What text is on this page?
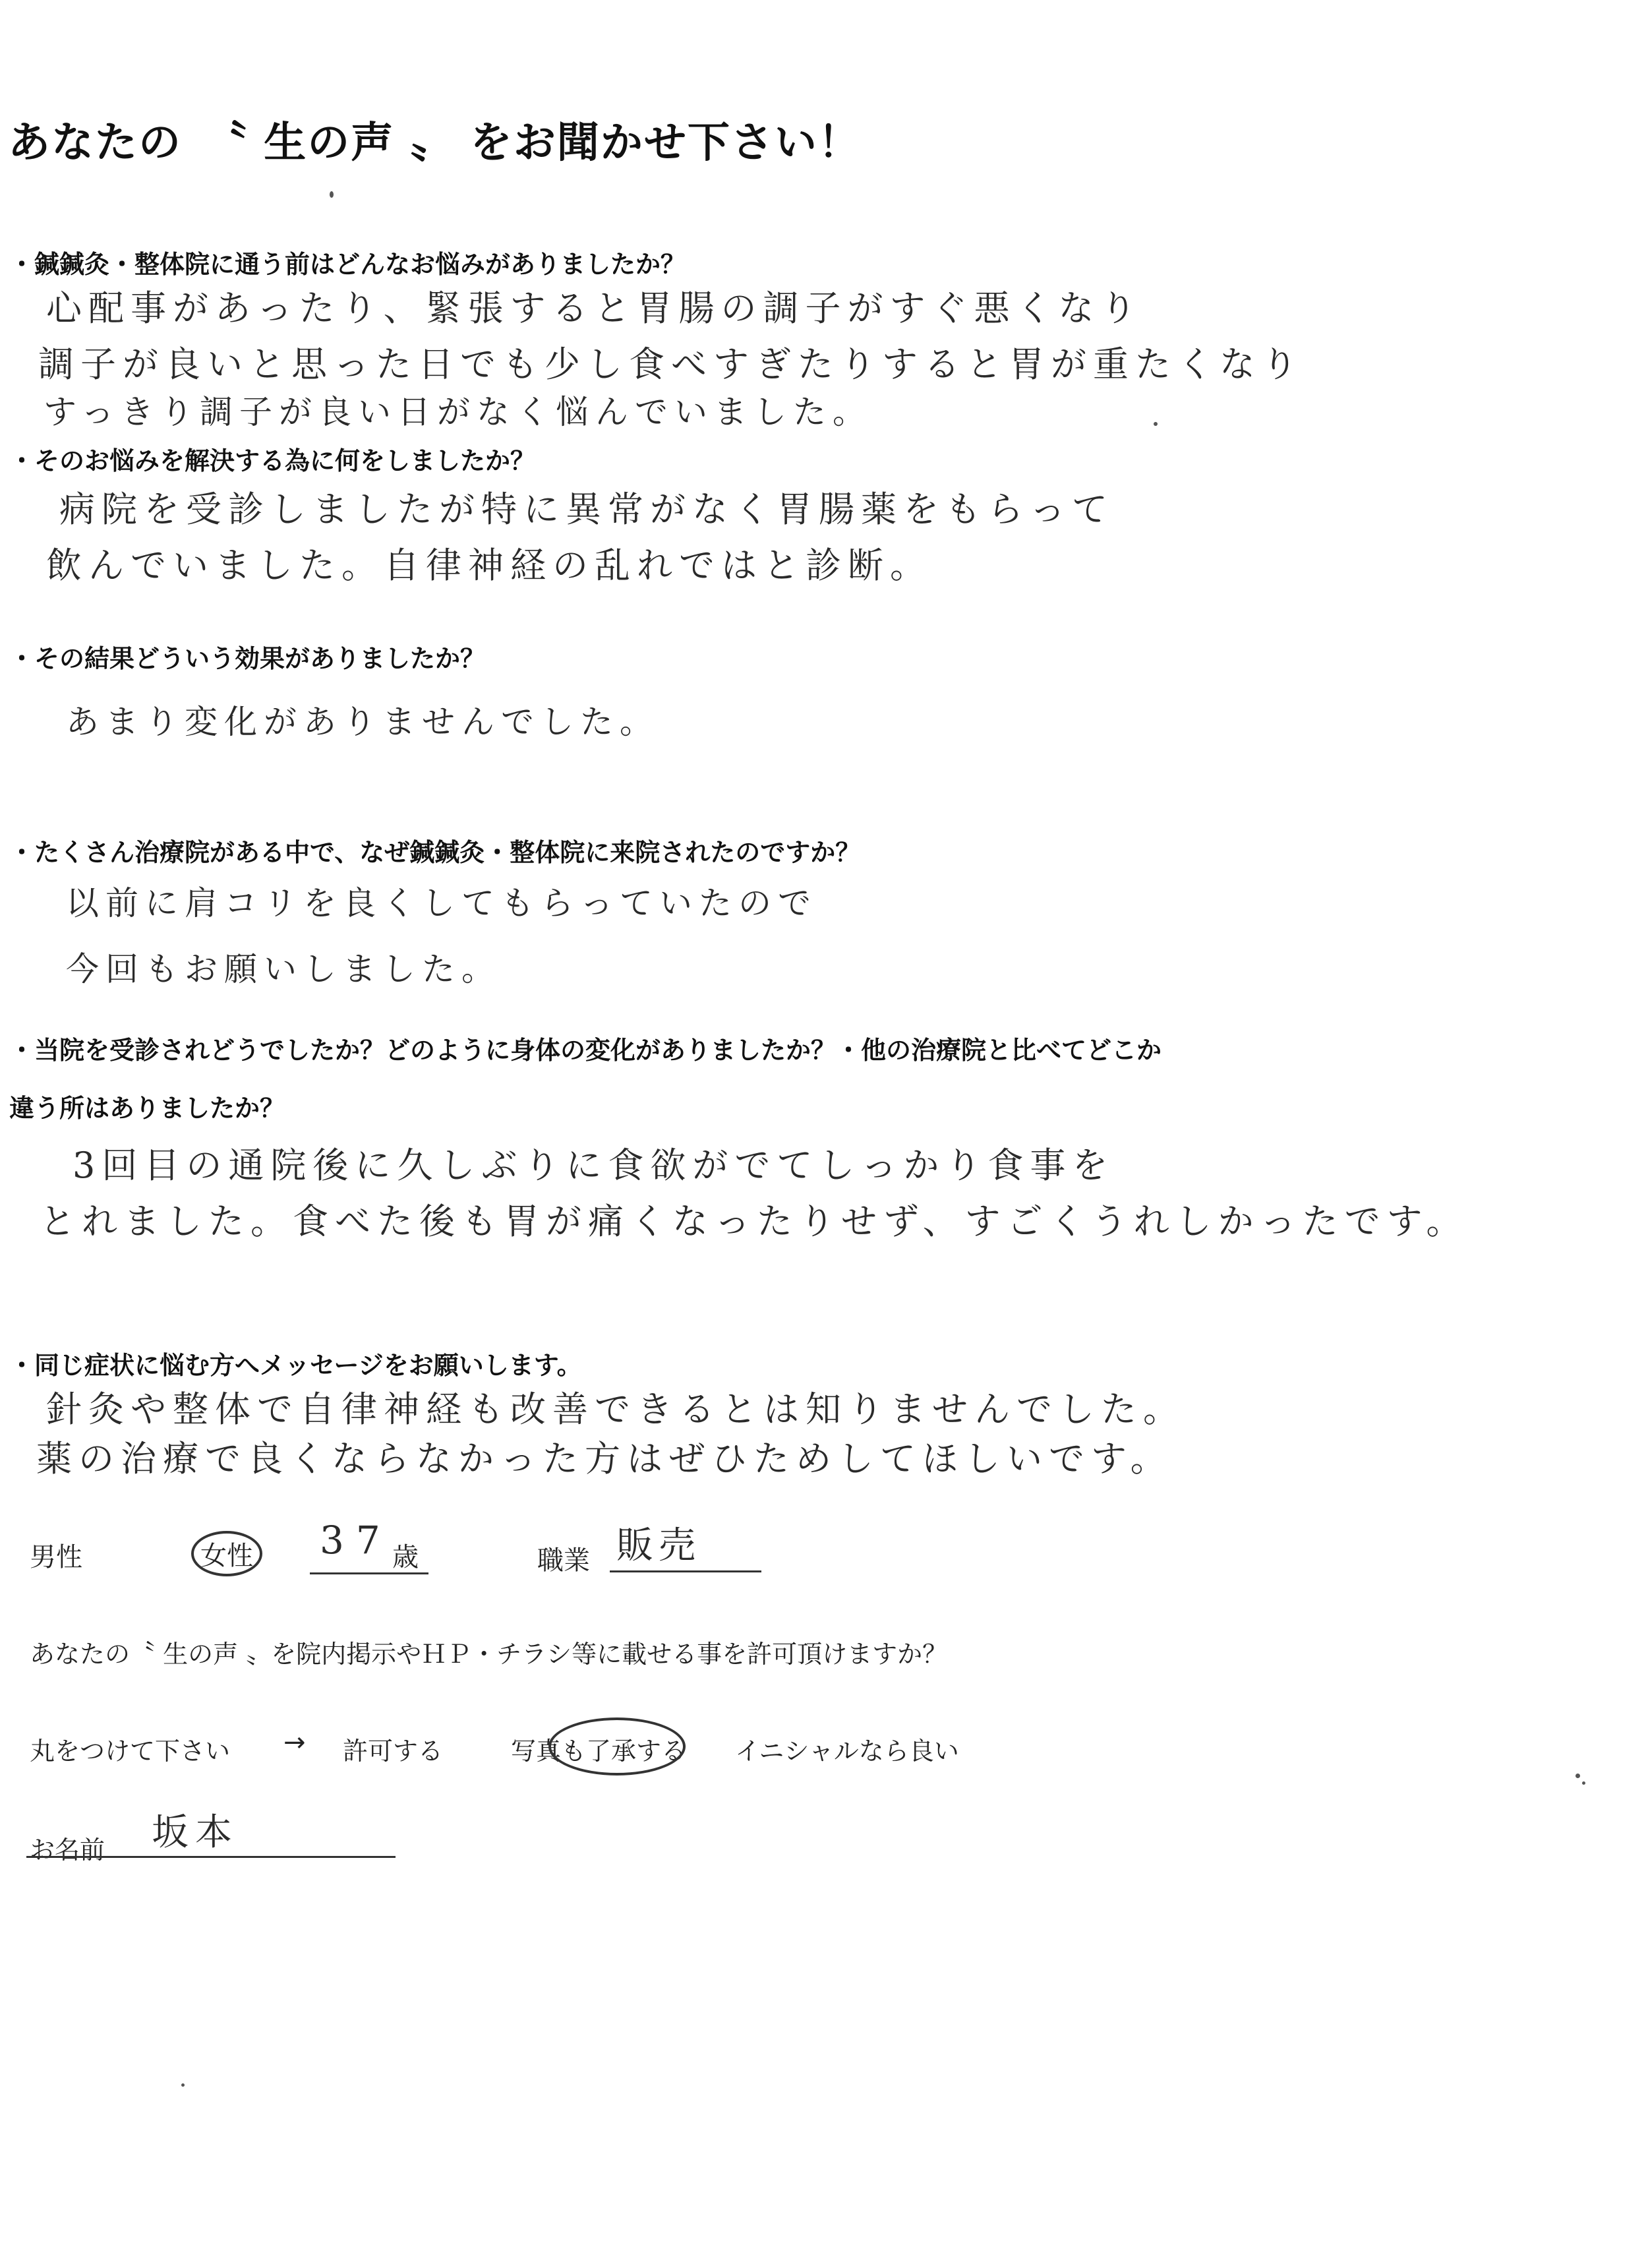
あなたの　〝 生の声 〟 をお聞かせ下さい！
・鍼鍼灸・整体院に通う前はどんなお悩みがありましたか？
心配事があったり、緊張すると胃腸の調子がすぐ悪くなり
調子が良いと思った日でも少し食べすぎたりすると胃が重たくなり
すっきり調子が良い日がなく悩んでいました。
・そのお悩みを解決する為に何をしましたか？
病院を受診しましたが特に異常がなく胃腸薬をもらって
飲んでいました。自律神経の乱れではと診断。
・その結果どういう効果がありましたか？
あまり変化がありませんでした。
・たくさん治療院がある中で、なぜ鍼鍼灸・整体院に来院されたのですか？
以前に肩コリを良くしてもらっていたので
今回もお願いしました。
・当院を受診されどうでしたか？どのように身体の変化がありましたか？・他の治療院と比べてどこか
違う所はありましたか？
3回目の通院後に久しぶりに食欲がでてしっかり食事を
とれました。食べた後も胃が痛くなったりせず、すごくうれしかったです。
・同じ症状に悩む方へメッセージをお願いします。
針灸や整体で自律神経も改善できるとは知りませんでした。
薬の治療で良くならなかった方はぜひためしてほしいです。
男性	女性 37 歳	職業 販売
あなたの〝 生の声 〟を院内掲示やＨＰ・チラシ等に載せる事を許可頂けますか？
丸をつけて下さい → 許可する	写真も了承する イニシャルなら良い
お名前 坂本
